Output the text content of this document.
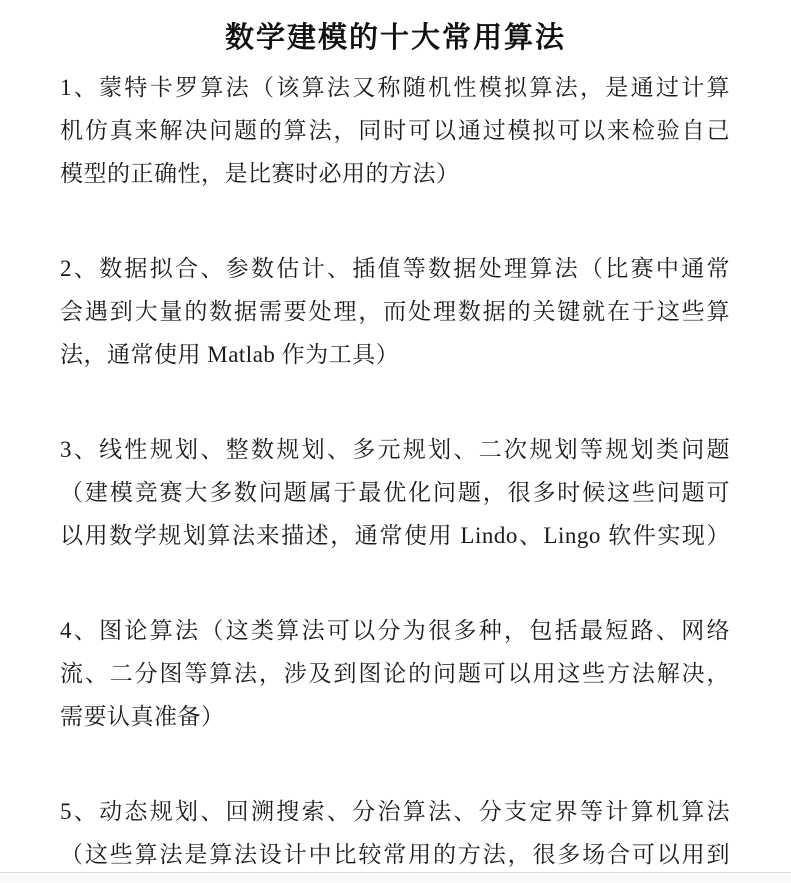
数学建模的十大常用算法

1、蒙特卡罗算法（该算法又称随机性模拟算法，是通过计算
机仿真来解决问题的算法，同时可以通过模拟可以来检验自己
模型的正确性，是比赛时必用的方法）

2、数据拟合、参数估计、插值等数据处理算法（比赛中通常
会遇到大量的数据需要处理，而处理数据的关键就在于这些算
法，通常使用 Matlab 作为工具）

3、线性规划、整数规划、多元规划、二次规划等规划类问题
（建模竞赛大多数问题属于最优化问题，很多时候这些问题可
以用数学规划算法来描述，通常使用 Lindo、Lingo 软件实现）

4、图论算法（这类算法可以分为很多种，包括最短路、网络
流、二分图等算法，涉及到图论的问题可以用这些方法解决，
需要认真准备）

5、动态规划、回溯搜索、分治算法、分支定界等计算机算法
（这些算法是算法设计中比较常用的方法，很多场合可以用到
